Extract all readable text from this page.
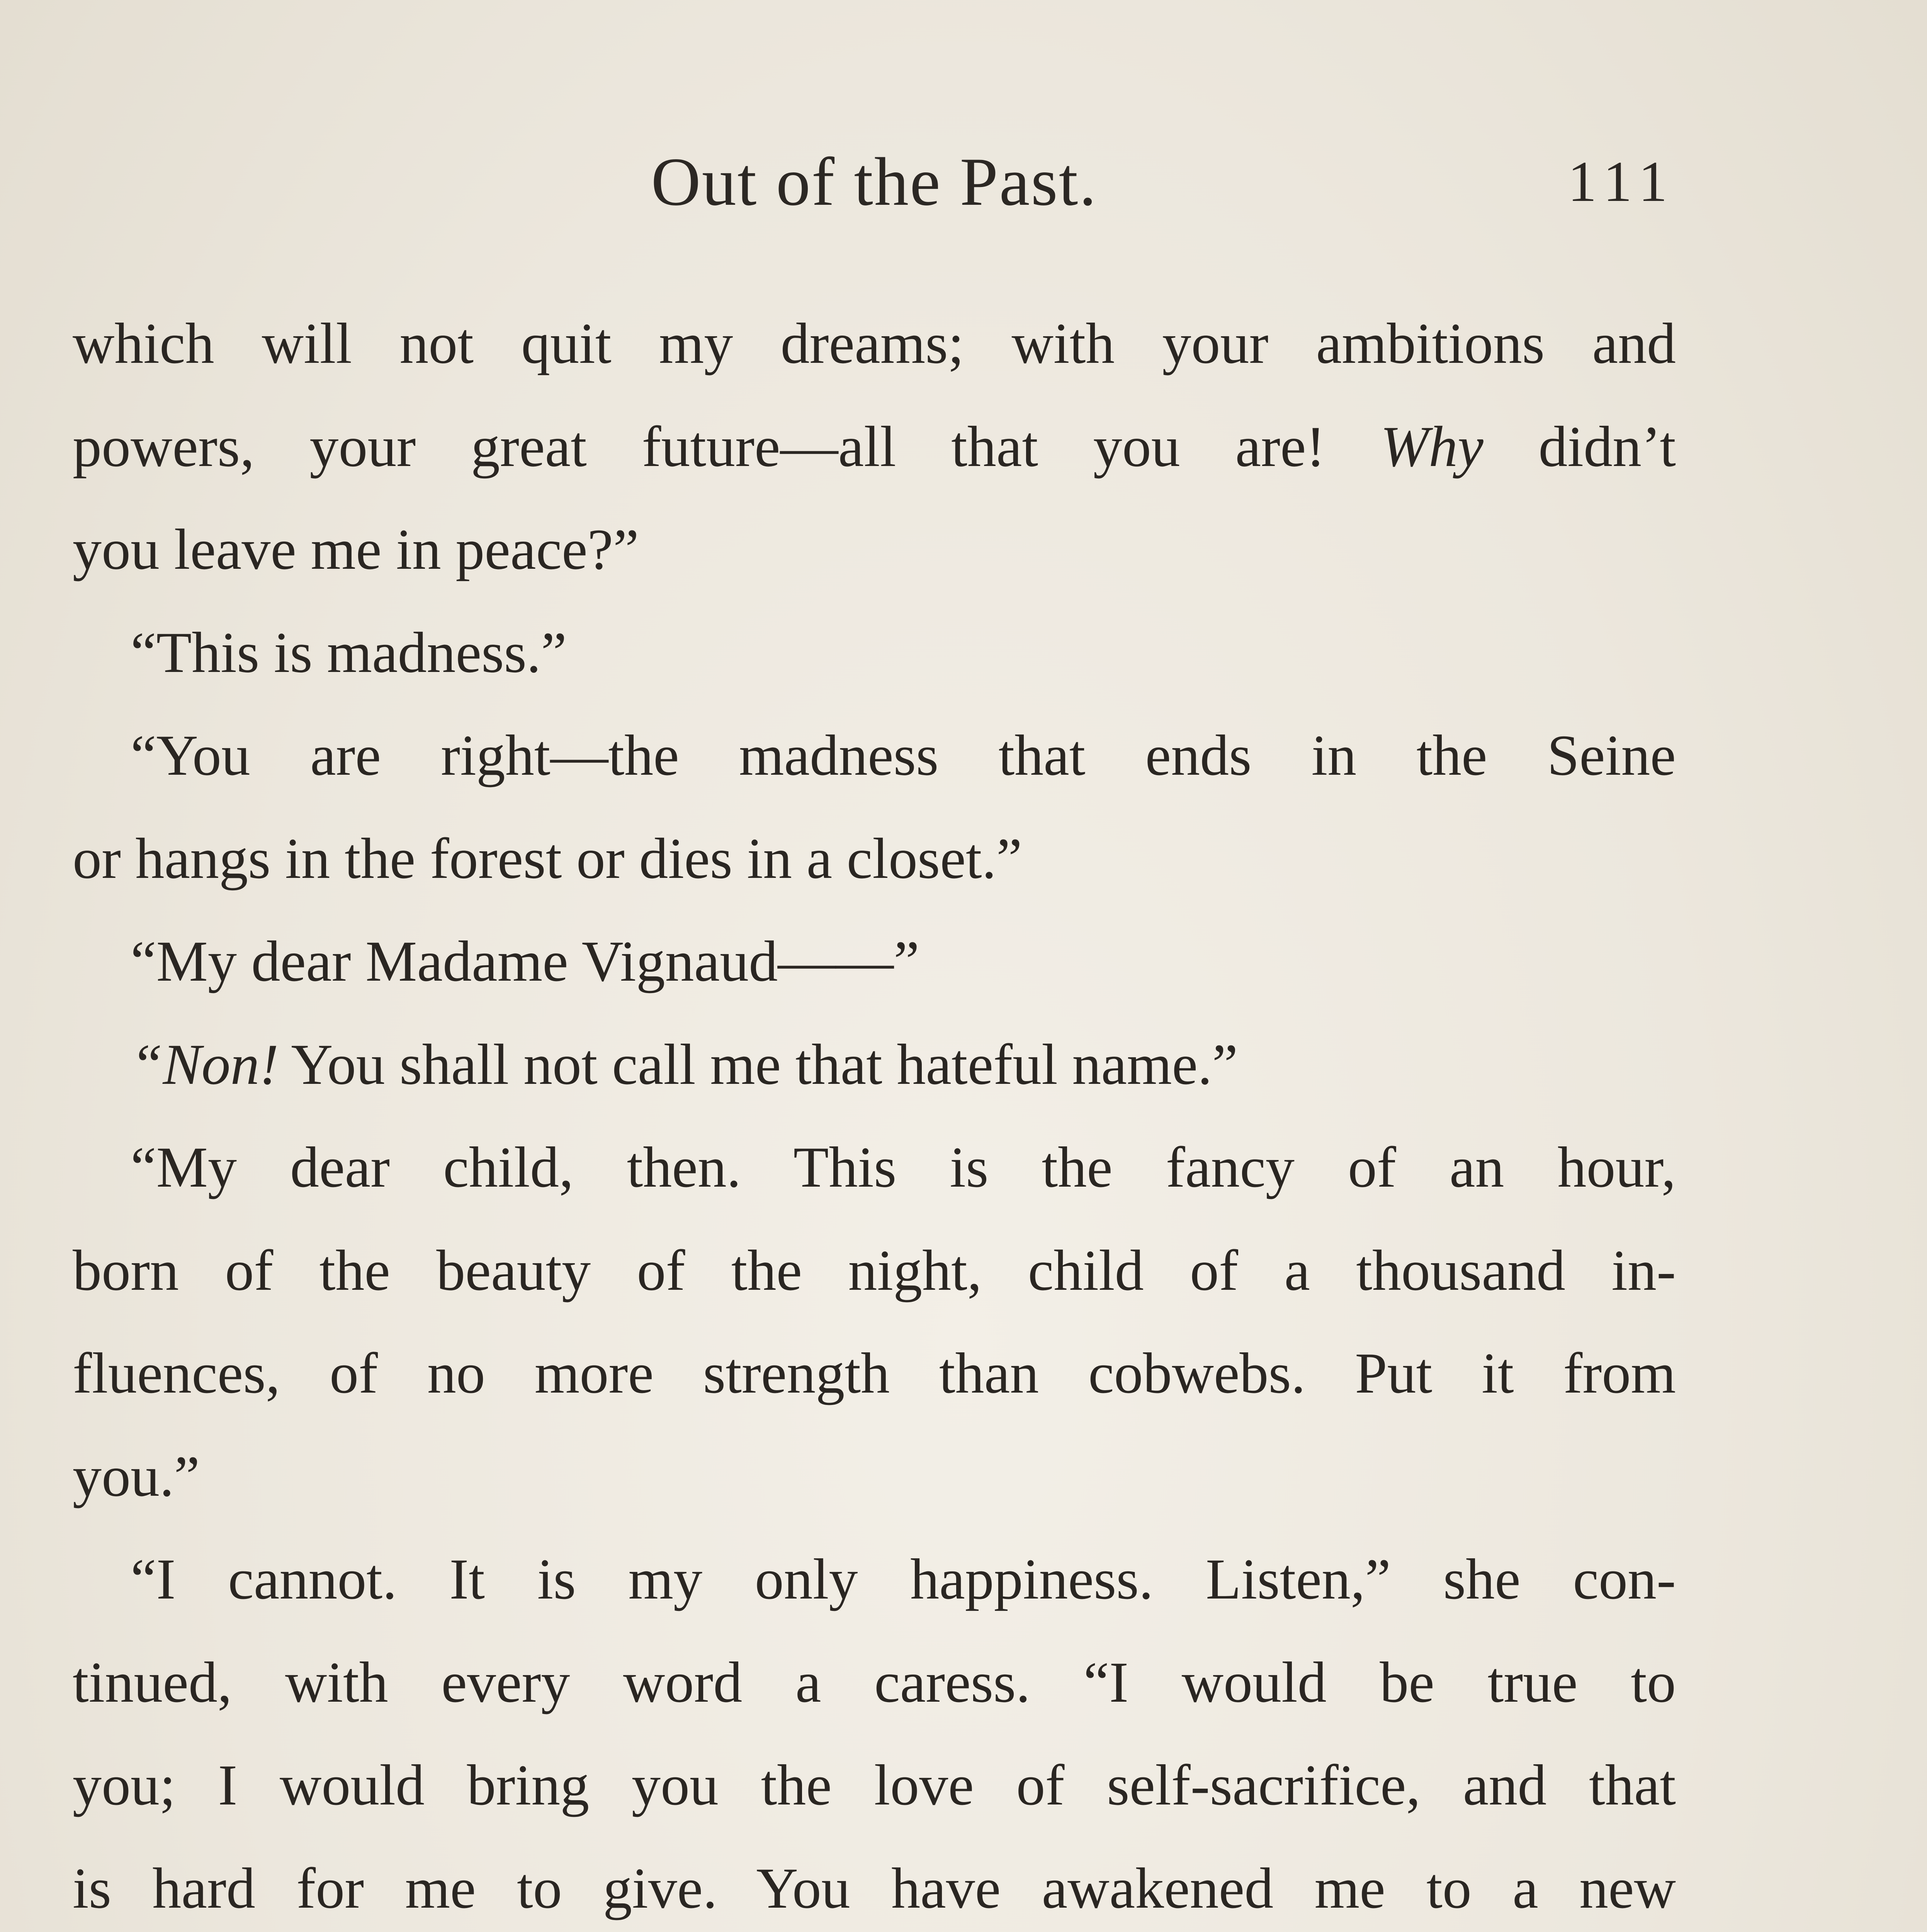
Out of the Past.	111
which will not quit my dreams; with your ambitions and
powers, your great future—all that you are! Why didn’t
you leave me in peace?”
“This is madness.”
“You are right—the madness that ends in the Seine
or hangs in the forest or dies in a closet.”
“My dear Madame Vignaud——”
“Non! You shall not call me that hateful name.”
“My dear child, then. This is the fancy of an hour,
born of the beauty of the night, child of a thousand in-
fluences, of no more strength than cobwebs. Put it from
you.”
“I cannot. It is my only happiness. Listen,” she con-
tinued, with every word a caress. “I would be true to
you; I would bring you the love of self-sacrifice, and that
is hard for me to give. You have awakened me to a new
